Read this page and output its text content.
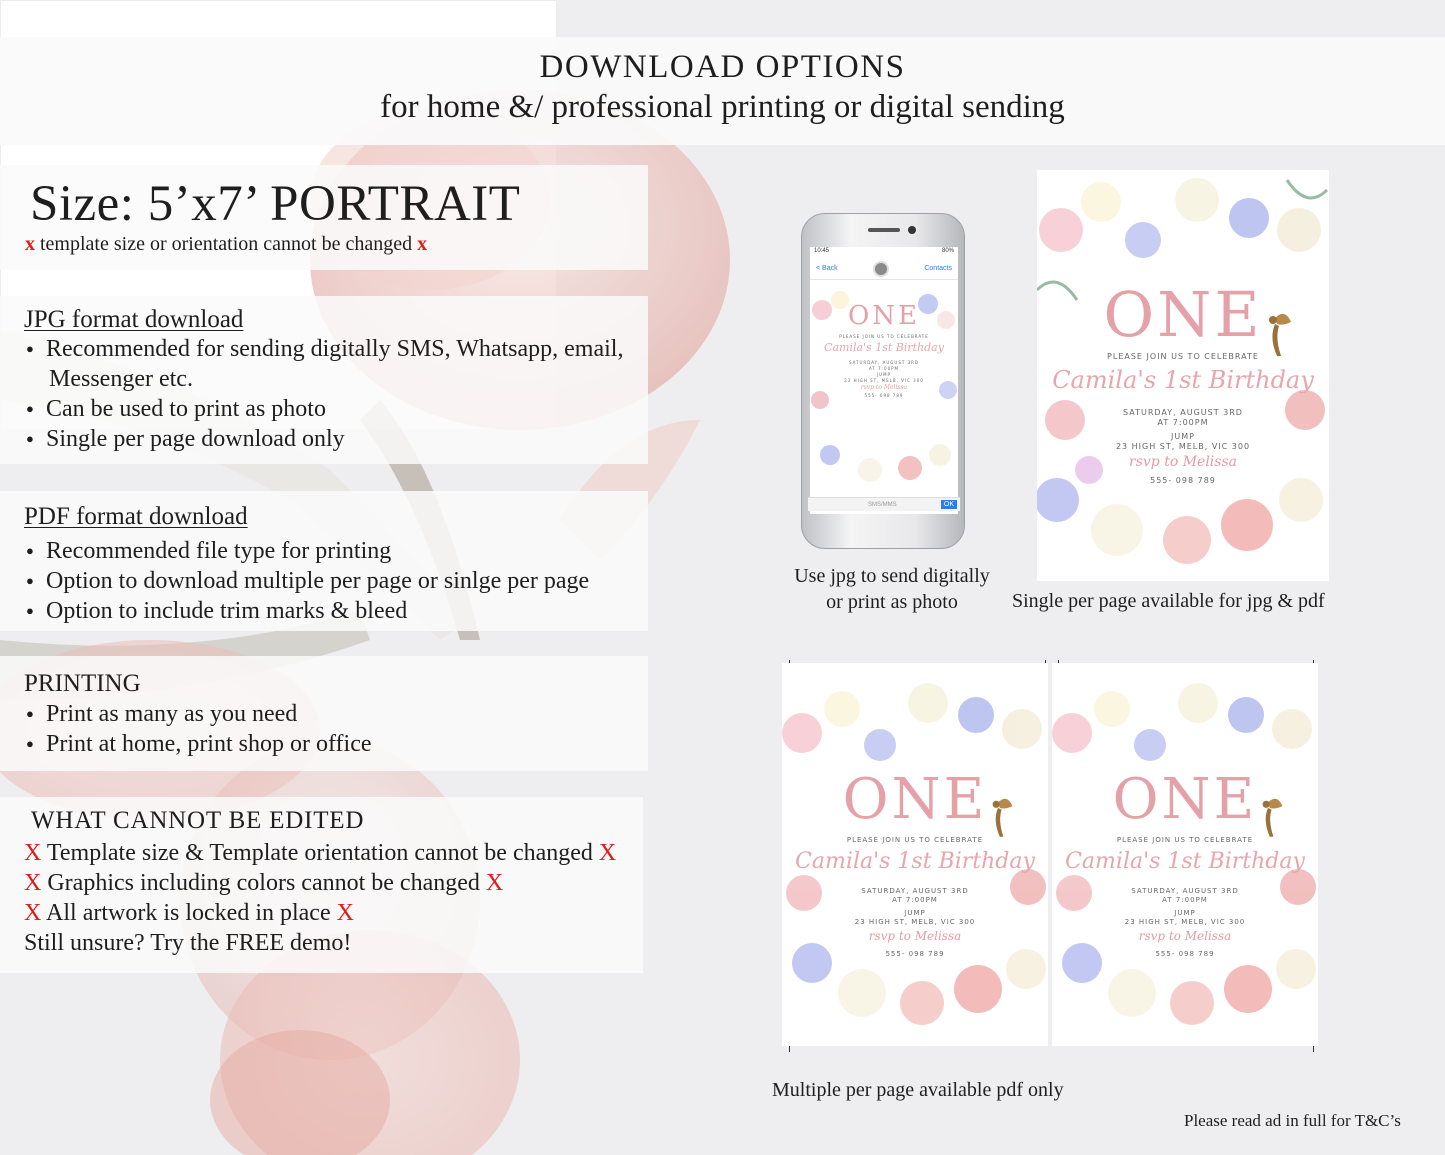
DOWNLOAD OPTIONS
for home &/ professional printing or digital sending
Size: 5’x7’ PORTRAIT
x template size or orientation cannot be changed x
JPG format download
● Recommended for sending digitally SMS, Whatsapp, email,
Messenger etc.
● Can be used to print as photo
● Single per page download only
PDF format download
● Recommended file type for printing
● Option to download multiple per page or sinlge per page
● Option to include trim marks & bleed
PRINTING
● Print as many as you need
● Print at home, print shop or office
WHAT CANNOT BE EDITED
X Template size & Template orientation cannot be changed X
X Graphics including colors cannot be changed X
X All artwork is locked in place X
Still unsure? Try the FREE demo!
10:45	80%
< Back	Contacts
ONE
PLEASE JOIN US TO CELEBRATE
Camila's 1st Birthday
SATURDAY, AUGUST 3RD
AT 7:00PM
JUMP
23 HIGH ST, MELB, VIC 300
rsvp to Melissa
555- 098 789
SMS/MMS	OK
ONE
PLEASE JOIN US TO CELEBRATE
Camila's 1st Birthday
SATURDAY, AUGUST 3RD
AT 7:00PM
JUMP
23 HIGH ST, MELB, VIC 300
rsvp to Melissa
555- 098 789
ONE
PLEASE JOIN US TO CELEBRATE
Camila's 1st Birthday
SATURDAY, AUGUST 3RD
AT 7:00PM
JUMP
23 HIGH ST, MELB, VIC 300
rsvp to Melissa
555- 098 789
ONE
PLEASE JOIN US TO CELEBRATE
Camila's 1st Birthday
SATURDAY, AUGUST 3RD
AT 7:00PM
JUMP
23 HIGH ST, MELB, VIC 300
rsvp to Melissa
555- 098 789
Use jpg to send digitally
or print as photo	Single per page available for jpg & pdf
Multiple per page available pdf only
Please read ad in full for T&C’s
